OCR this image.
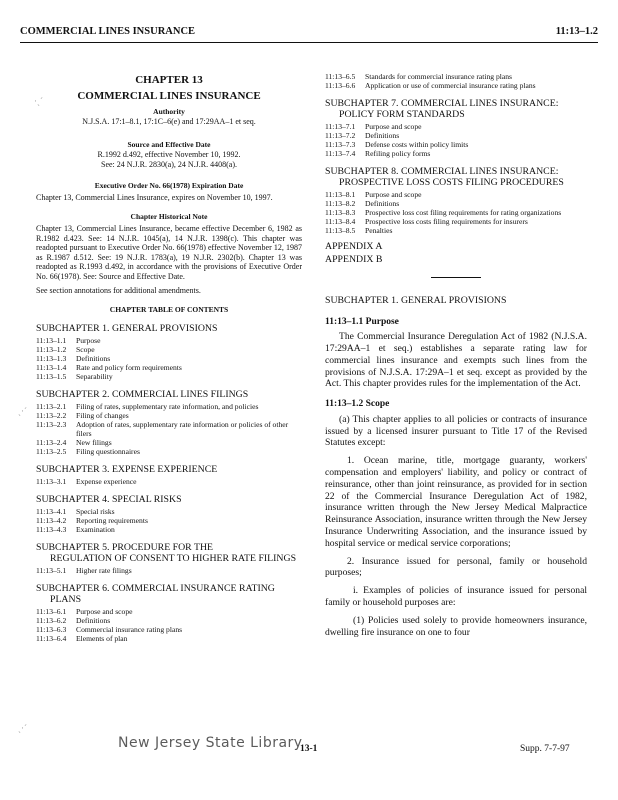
COMMERCIAL LINES INSURANCE	11:13–1.2
·ˏ´
ˎ·ˊ
ˎ·ˊ
CHAPTER 13
COMMERCIAL LINES INSURANCE
Authority
N.J.S.A. 17:1–8.1, 17:1C–6(e) and 17:29AA–1 et seq.
Source and Effective Date
R.1992 d.492, effective November 10, 1992.
See: 24 N.J.R. 2830(a), 24 N.J.R. 4408(a).
Executive Order No. 66(1978) Expiration Date
Chapter 13, Commercial Lines Insurance, expires on November 10, 1997.
Chapter Historical Note
Chapter 13, Commercial Lines Insurance, became effective December 6, 1982 as R.1982 d.423. See: 14 N.J.R. 1045(a), 14 N.J.R. 1398(c). This chapter was readopted pursuant to Executive Order No. 66(1978) effective November 12, 1987 as R.1987 d.512. See: 19 N.J.R. 1783(a), 19 N.J.R. 2302(b). Chapter 13 was readopted as R.1993 d.492, in accordance with the provisions of Executive Order No. 66(1978). See: Source and Effective Date.
See section annotations for additional amendments.
CHAPTER TABLE OF CONTENTS
SUBCHAPTER 1. GENERAL PROVISIONS
11:13–1.1	Purpose
11:13–1.2	Scope
11:13–1.3	Definitions
11:13–1.4	Rate and policy form requirements
11:13–1.5	Separability
SUBCHAPTER 2. COMMERCIAL LINES FILINGS
11:13–2.1	Filing of rates, supplementary rate information, and policies
11:13–2.2	Filing of changes
11:13–2.3	Adoption of rates, supplementary rate information or policies of other filers
11:13–2.4	New filings
11:13–2.5	Filing questionnaires
SUBCHAPTER 3. EXPENSE EXPERIENCE
11:13–3.1	Expense experience
SUBCHAPTER 4. SPECIAL RISKS
11:13–4.1	Special risks
11:13–4.2	Reporting requirements
11:13–4.3	Examination
SUBCHAPTER 5. PROCEDURE FOR THE
REGULATION OF CONSENT TO HIGHER RATE FILINGS
11:13–5.1	Higher rate filings
SUBCHAPTER 6. COMMERCIAL INSURANCE RATING
PLANS
11:13–6.1	Purpose and scope
11:13–6.2	Definitions
11:13–6.3	Commercial insurance rating plans
11:13–6.4	Elements of plan
11:13–6.5	Standards for commercial insurance rating plans
11:13–6.6	Application or use of commercial insurance rating plans
SUBCHAPTER 7. COMMERCIAL LINES INSURANCE:
POLICY FORM STANDARDS
11:13–7.1	Purpose and scope
11:13–7.2	Definitions
11:13–7.3	Defense costs within policy limits
11:13–7.4	Refiling policy forms
SUBCHAPTER 8. COMMERCIAL LINES INSURANCE:
PROSPECTIVE LOSS COSTS FILING PROCEDURES
11:13–8.1	Purpose and scope
11:13–8.2	Definitions
11:13–8.3	Prospective loss cost filing requirements for rating organizations
11:13–8.4	Prospective loss costs filing requirements for insurers
11:13–8.5	Penalties
APPENDIX A
APPENDIX B
SUBCHAPTER 1. GENERAL PROVISIONS
11:13–1.1 Purpose

The Commercial Insurance Deregulation Act of 1982 (N.J.S.A. 17:29AA–1 et seq.) establishes a separate rating law for commercial lines insurance and exempts such lines from the provisions of N.J.S.A. 17:29A–1 et seq. except as provided by the Act. This chapter provides rules for the implementation of the Act.

11:13–1.2 Scope

(a) This chapter applies to all policies or contracts of insurance issued by a licensed insurer pursuant to Title 17 of the Revised Statutes except:

1. Ocean marine, title, mortgage guaranty, workers' compensation and employers' liability, and policy or contract of reinsurance, other than joint reinsurance, as provided for in section 22 of the Commercial Insurance Deregulation Act of 1982, insurance written through the New Jersey Medical Malpractice Reinsurance Association, insurance written through the New Jersey Insurance Underwriting Association, and the insurance issued by hospital service or medical service corporations;

2. Insurance issued for personal, family or household purposes;

i. Examples of policies of insurance issued for personal family or household purposes are:

(1) Policies used solely to provide homeowners insurance, dwelling fire insurance on one to four

New Jersey State Library
13-1	Supp. 7-7-97
